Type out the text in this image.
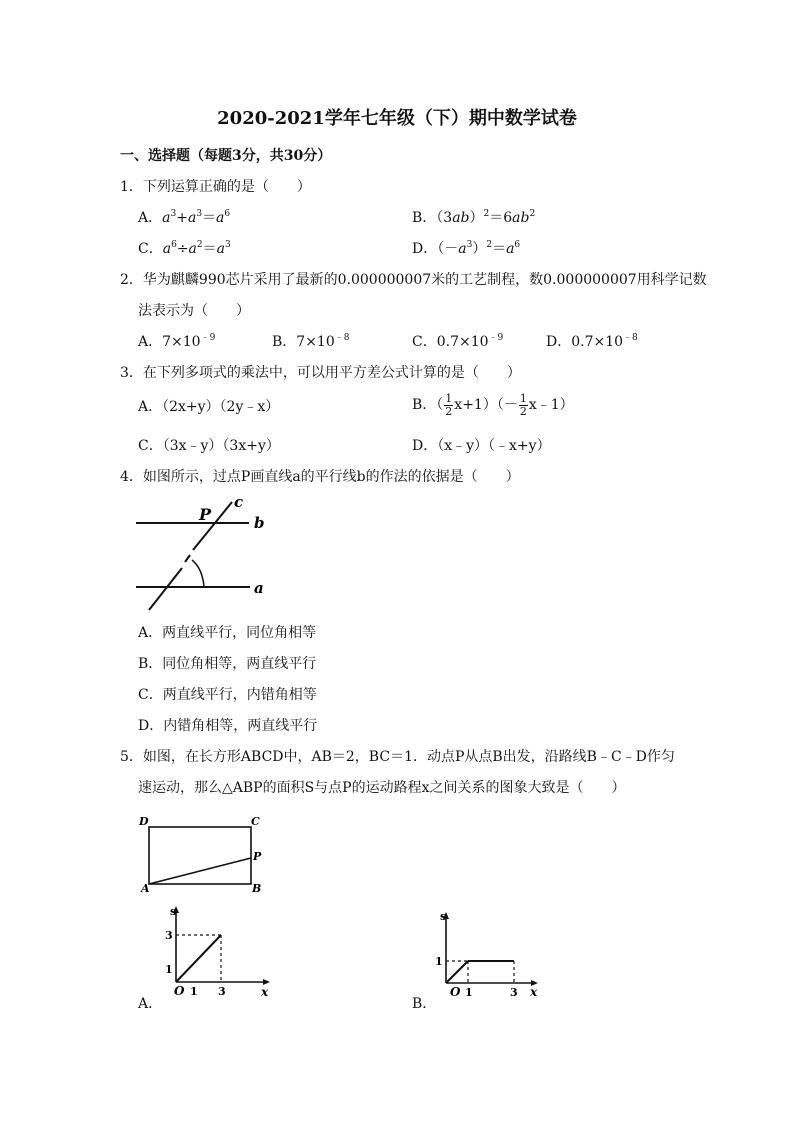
2020-2021学年七年级（下）期中数学试卷
一、选择题（每题3分，共30分）
1．下列运算正确的是（　　）
A．$a^3+a^3=a^6$	B．$(3ab)^2=6ab^2$
C．$a^6\div a^2=a^3$	D．$(-a^3)^2=a^6$
2．华为麒麟990芯片采用了最新的0.000000007米的工艺制程，数0.000000007用科学记数
法表示为（　　）
A．$7\times 10^{﹣9}$	B．$7\times 10^{﹣8}$	C．$0.7\times 10^{﹣9}$	D．$0.7\times 10^{﹣8}$
3．在下列多项式的乘法中，可以用平方差公式计算的是（　　）
A．（2x+y）（2y﹣x）	B．（ $\frac{1}{2} x+1)(- \frac{1}{2}$ x﹣1）
C．（3x﹣y）（3x+y）	D．（x﹣y）（﹣x+y）
4．如图所示，过点P画直线a的平行线b的作法的依据是（　　）
P
c
b
a
A．两直线平行，同位角相等
B．同位角相等，两直线平行
C．两直线平行，内错角相等
D．内错角相等，两直线平行
5．如图，在长方形ABCD中，AB＝2，BC＝1．动点P从点B出发，沿路线B﹣C﹣D作匀
速运动，那么△ABP的面积S与点P的运动路程x之间关系的图象大致是（　　）
D	C
P
A	B
s
x
O 1 3
1
3
A．
s
x
O 1	3
1
B．
